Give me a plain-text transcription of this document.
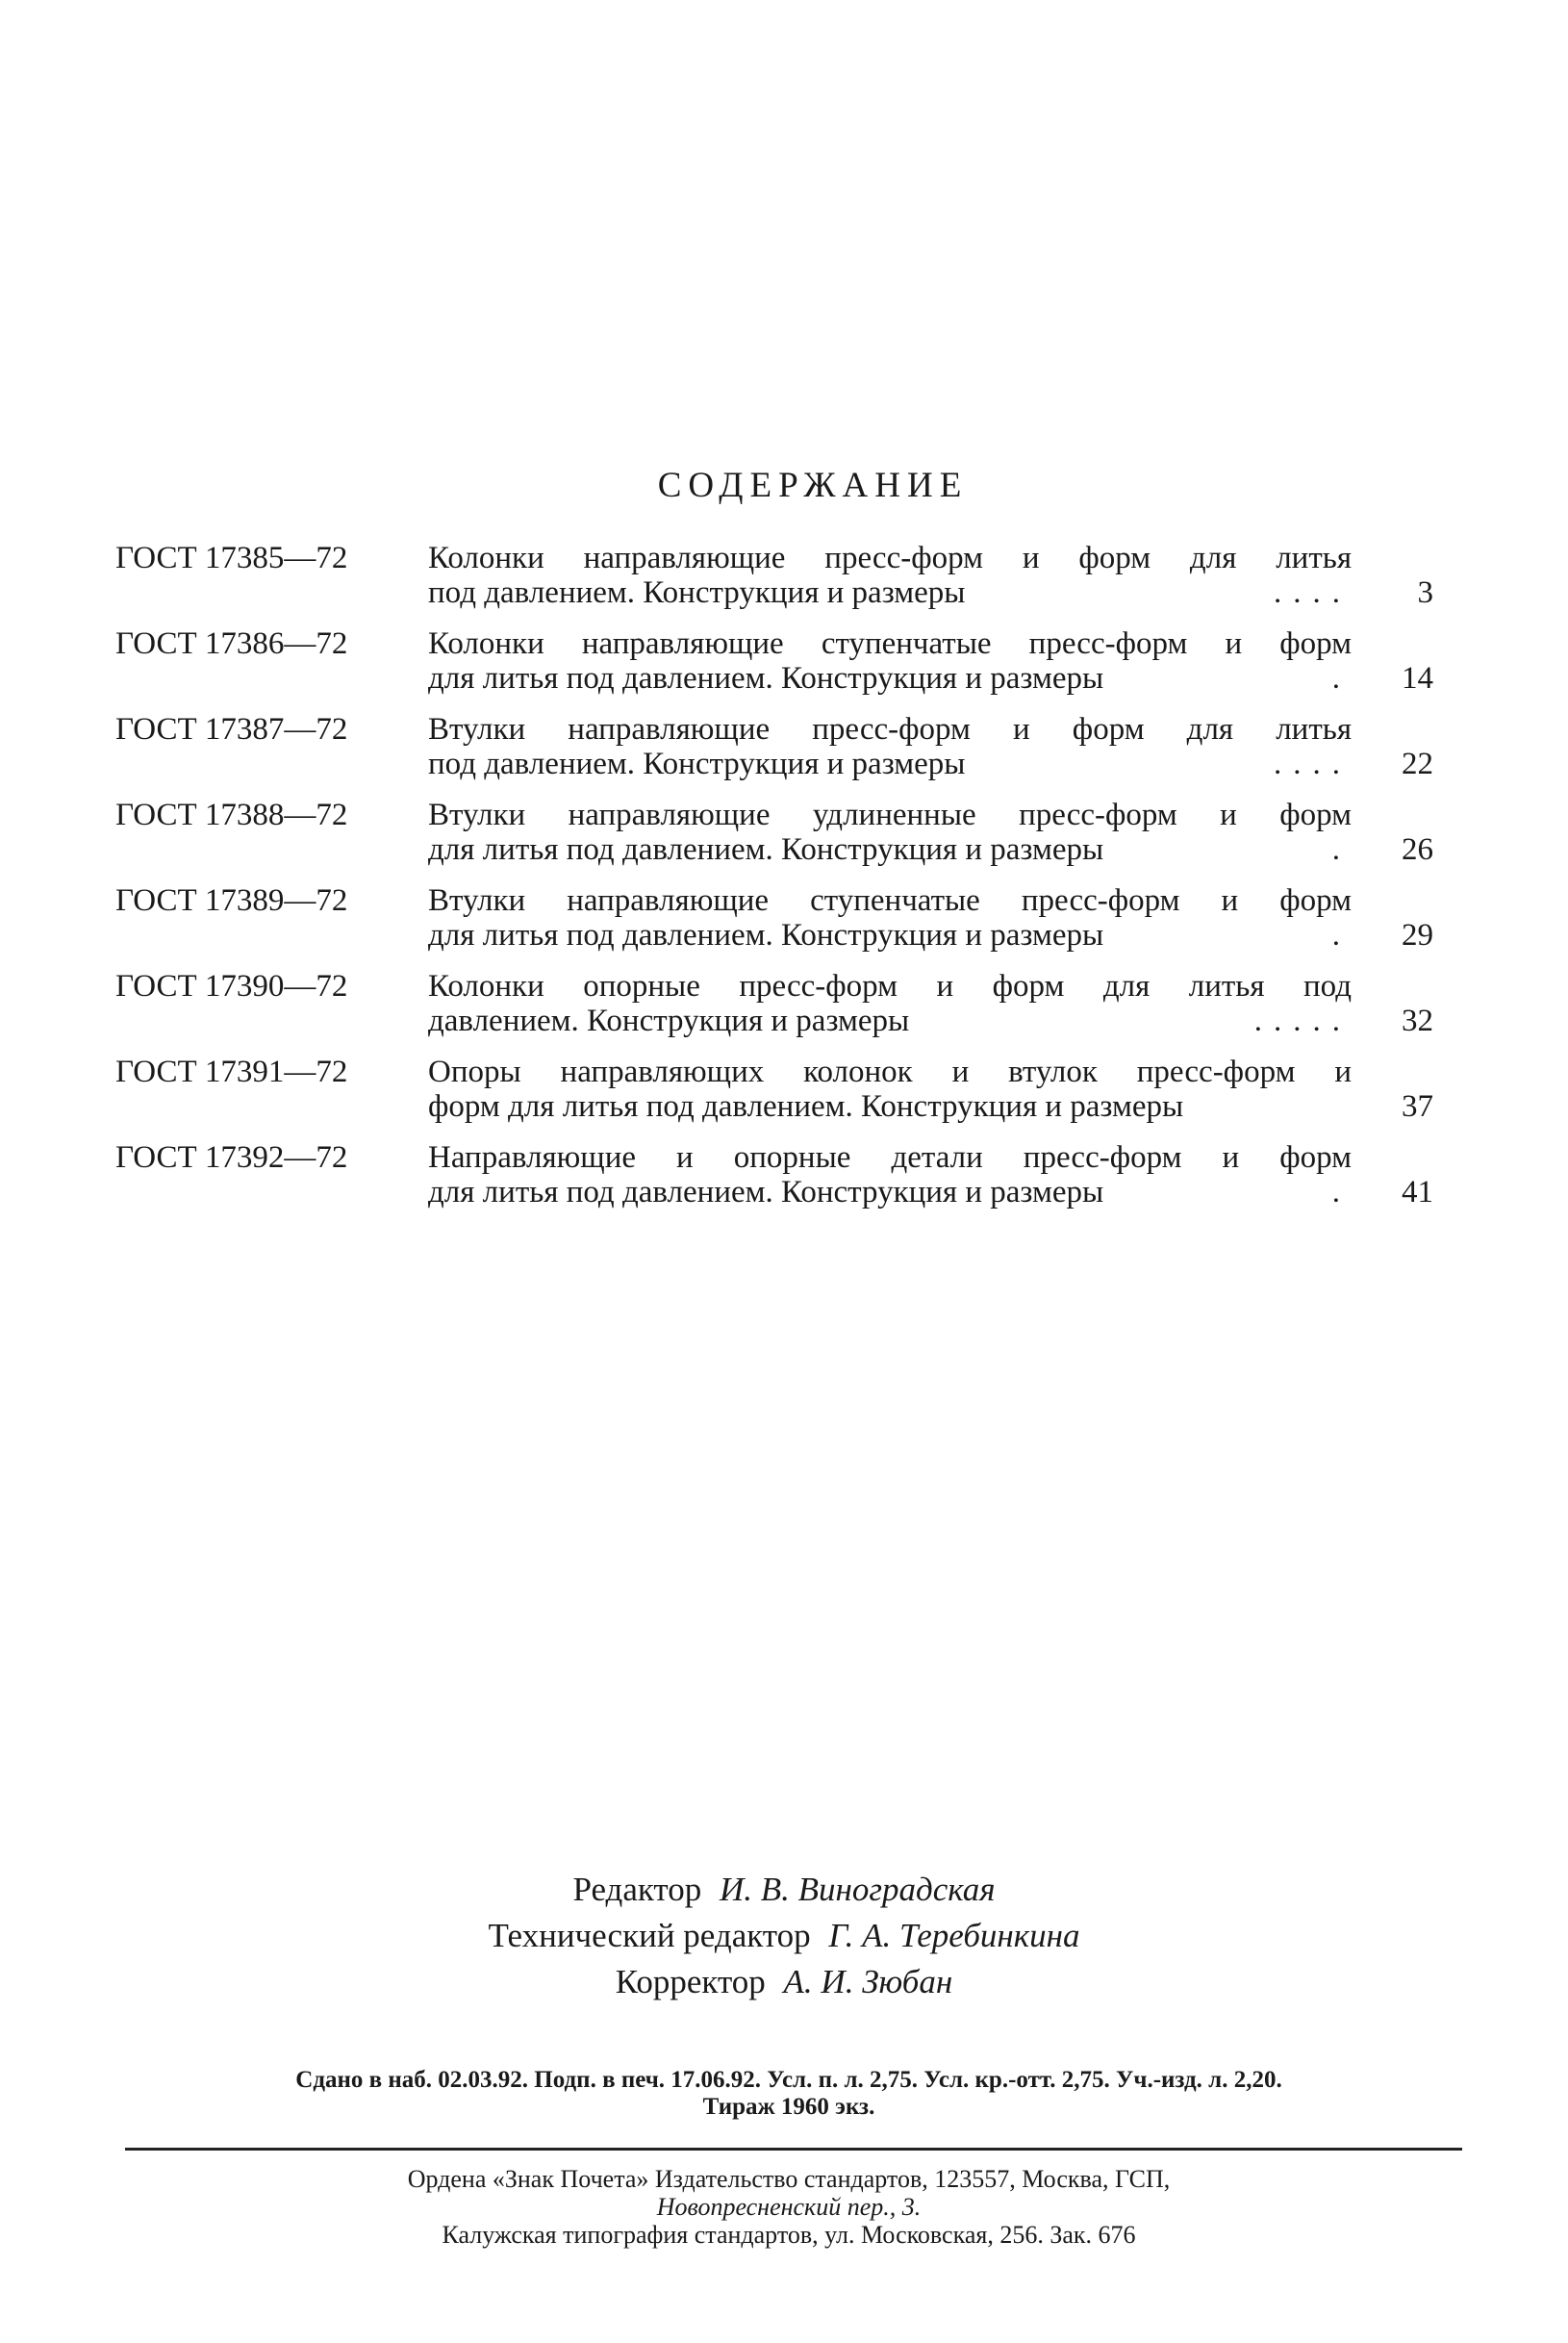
СОДЕРЖАНИЕ
ГОСТ 17385—72	Колонки направляющие пресс-форм и форм для литья
под давлением. Конструкция и размеры	....	3
ГОСТ 17386—72	Колонки направляющие ступенчатые пресс-форм и форм
для литья под давлением. Конструкция и размеры	.	14
ГОСТ 17387—72	Втулки направляющие пресс-форм и форм для литья
под давлением. Конструкция и размеры	....	22
ГОСТ 17388—72	Втулки направляющие удлиненные пресс-форм и форм
для литья под давлением. Конструкция и размеры	.	26
ГОСТ 17389—72	Втулки направляющие ступенчатые пресс-форм и форм
для литья под давлением. Конструкция и размеры	.	29
ГОСТ 17390—72	Колонки опорные пресс-форм и форм для литья под
давлением. Конструкция и размеры	.....	32
ГОСТ 17391—72	Опоры направляющих колонок и втулок пресс-форм и
форм для литья под давлением. Конструкция и размеры	37
ГОСТ 17392—72	Направляющие и опорные детали пресс-форм и форм
для литья под давлением. Конструкция и размеры	.	41
Редактор И. В. Виноградская
Технический редактор Г. А. Теребинкина
Корректор А. И. Зюбан
Сдано в наб. 02.03.92. Подп. в печ. 17.06.92. Усл. п. л. 2,75. Усл. кр.-отт. 2,75. Уч.-изд. л. 2,20.
Тираж 1960 экз.
Ордена «Знак Почета» Издательство стандартов, 123557, Москва, ГСП,
Новопресненский пер., 3.
Калужская типография стандартов, ул. Московская, 256. Зак. 676
